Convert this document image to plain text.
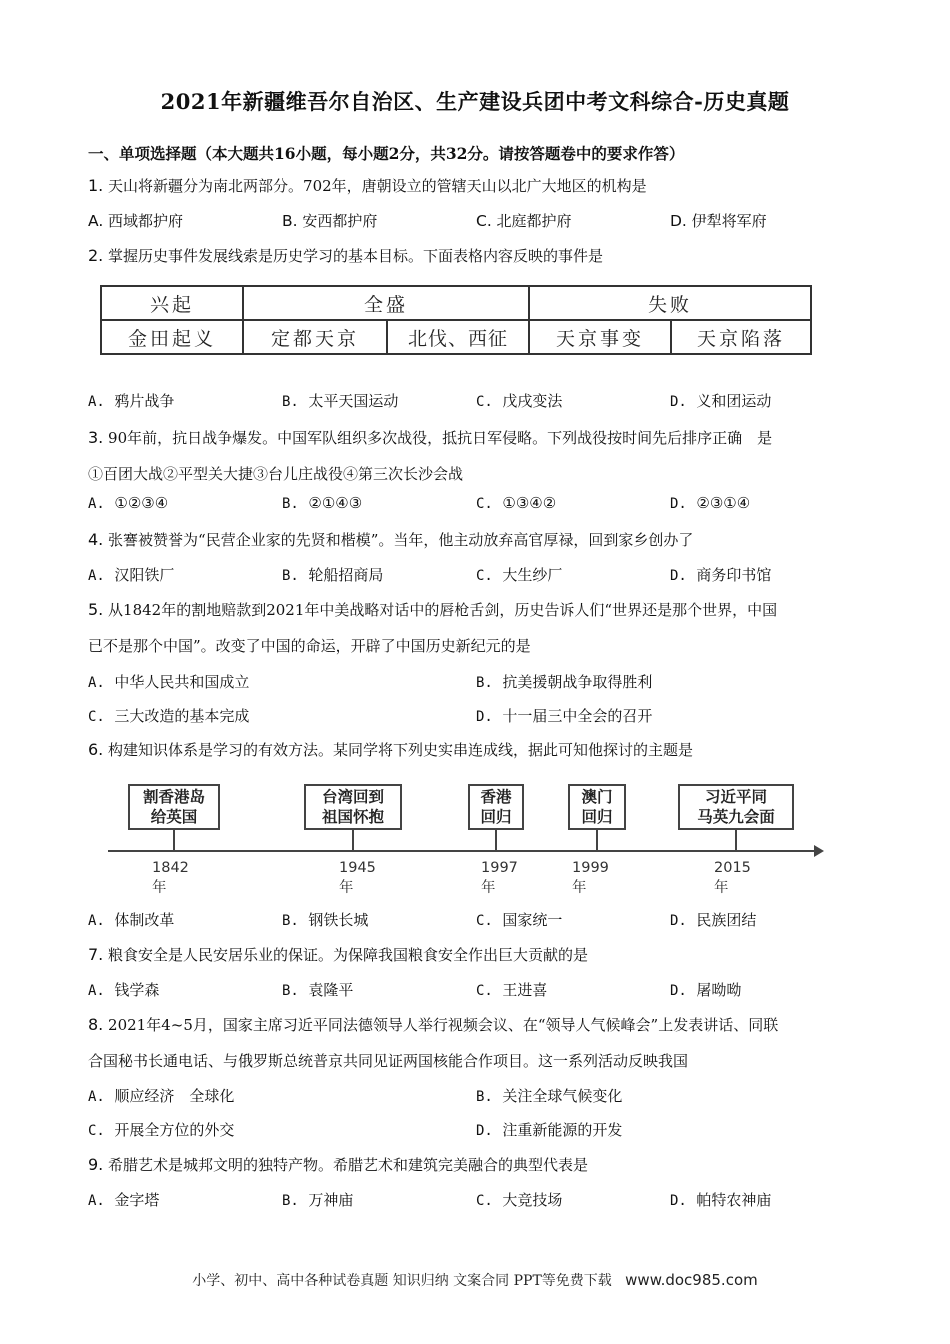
2021年新疆维吾尔自治区、生产建设兵团中考文科综合-历史真题
一、单项选择题（本大题共16小题，每小题2分，共32分。请按答题卷中的要求作答）
1. 天山将新疆分为南北两部分。702年，唐朝设立的管辖天山以北广大地区的机构是
A. 西域都护府	B. 安西都护府	C. 北庭都护府	D. 伊犁将军府
2. 掌握历史事件发展线索是历史学习的基本目标。下面表格内容反映的事件是
兴起	全盛	失败
金田起义	定都天京	北伐、西征	天京事变	天京陷落
A. 鸦片战争	B. 太平天国运动	C. 戊戌变法	D. 义和团运动
3. 90年前，抗日战争爆发。中国军队组织多次战役，抵抗日军侵略。下列战役按时间先后排序正确　是
①百团大战②平型关大捷③台儿庄战役④第三次长沙会战
A. ①②③④	B. ②①④③	C. ①③④②	D. ②③①④
4. 张謇被赞誉为“民营企业家的先贤和楷模”。当年，他主动放弃高官厚禄，回到家乡创办了
A. 汉阳铁厂	B. 轮船招商局	C. 大生纱厂	D. 商务印书馆
5. 从1842年的割地赔款到2021年中美战略对话中的唇枪舌剑，历史告诉人们“世界还是那个世界，中国
已不是那个中国”。改变了中国的命运，开辟了中国历史新纪元的是
A. 中华人民共和国成立	B. 抗美援朝战争取得胜利
C. 三大改造的基本完成	D. 十一届三中全会的召开
6. 构建知识体系是学习的有效方法。某同学将下列史实串连成线，据此可知他探讨的主题是
割香港岛
给英国
1842年
台湾回到
祖国怀抱
1945年
香港
回归
1997年
澳门
回归
1999年
习近平同
马英九会面
2015年
A. 体制改革	B. 钢铁长城	C. 国家统一	D. 民族团结
7. 粮食安全是人民安居乐业的保证。为保障我国粮食安全作出巨大贡献的是
A. 钱学森	B. 袁隆平	C. 王进喜	D. 屠呦呦
8. 2021年4~5月，国家主席习近平同法德领导人举行视频会议、在“领导人气候峰会”上发表讲话、同联
合国秘书长通电话、与俄罗斯总统普京共同见证两国核能合作项目。这一系列活动反映我国
A. 顺应经济　全球化	B. 关注全球气候变化
C. 开展全方位的外交	D. 注重新能源的开发
9. 希腊艺术是城邦文明的独特产物。希腊艺术和建筑完美融合的典型代表是
A. 金字塔	B. 万神庙	C. 大竞技场	D. 帕特农神庙
小学、初中、高中各种试卷真题 知识归纳 文案合同 PPT等免费下载 www.doc985.com
